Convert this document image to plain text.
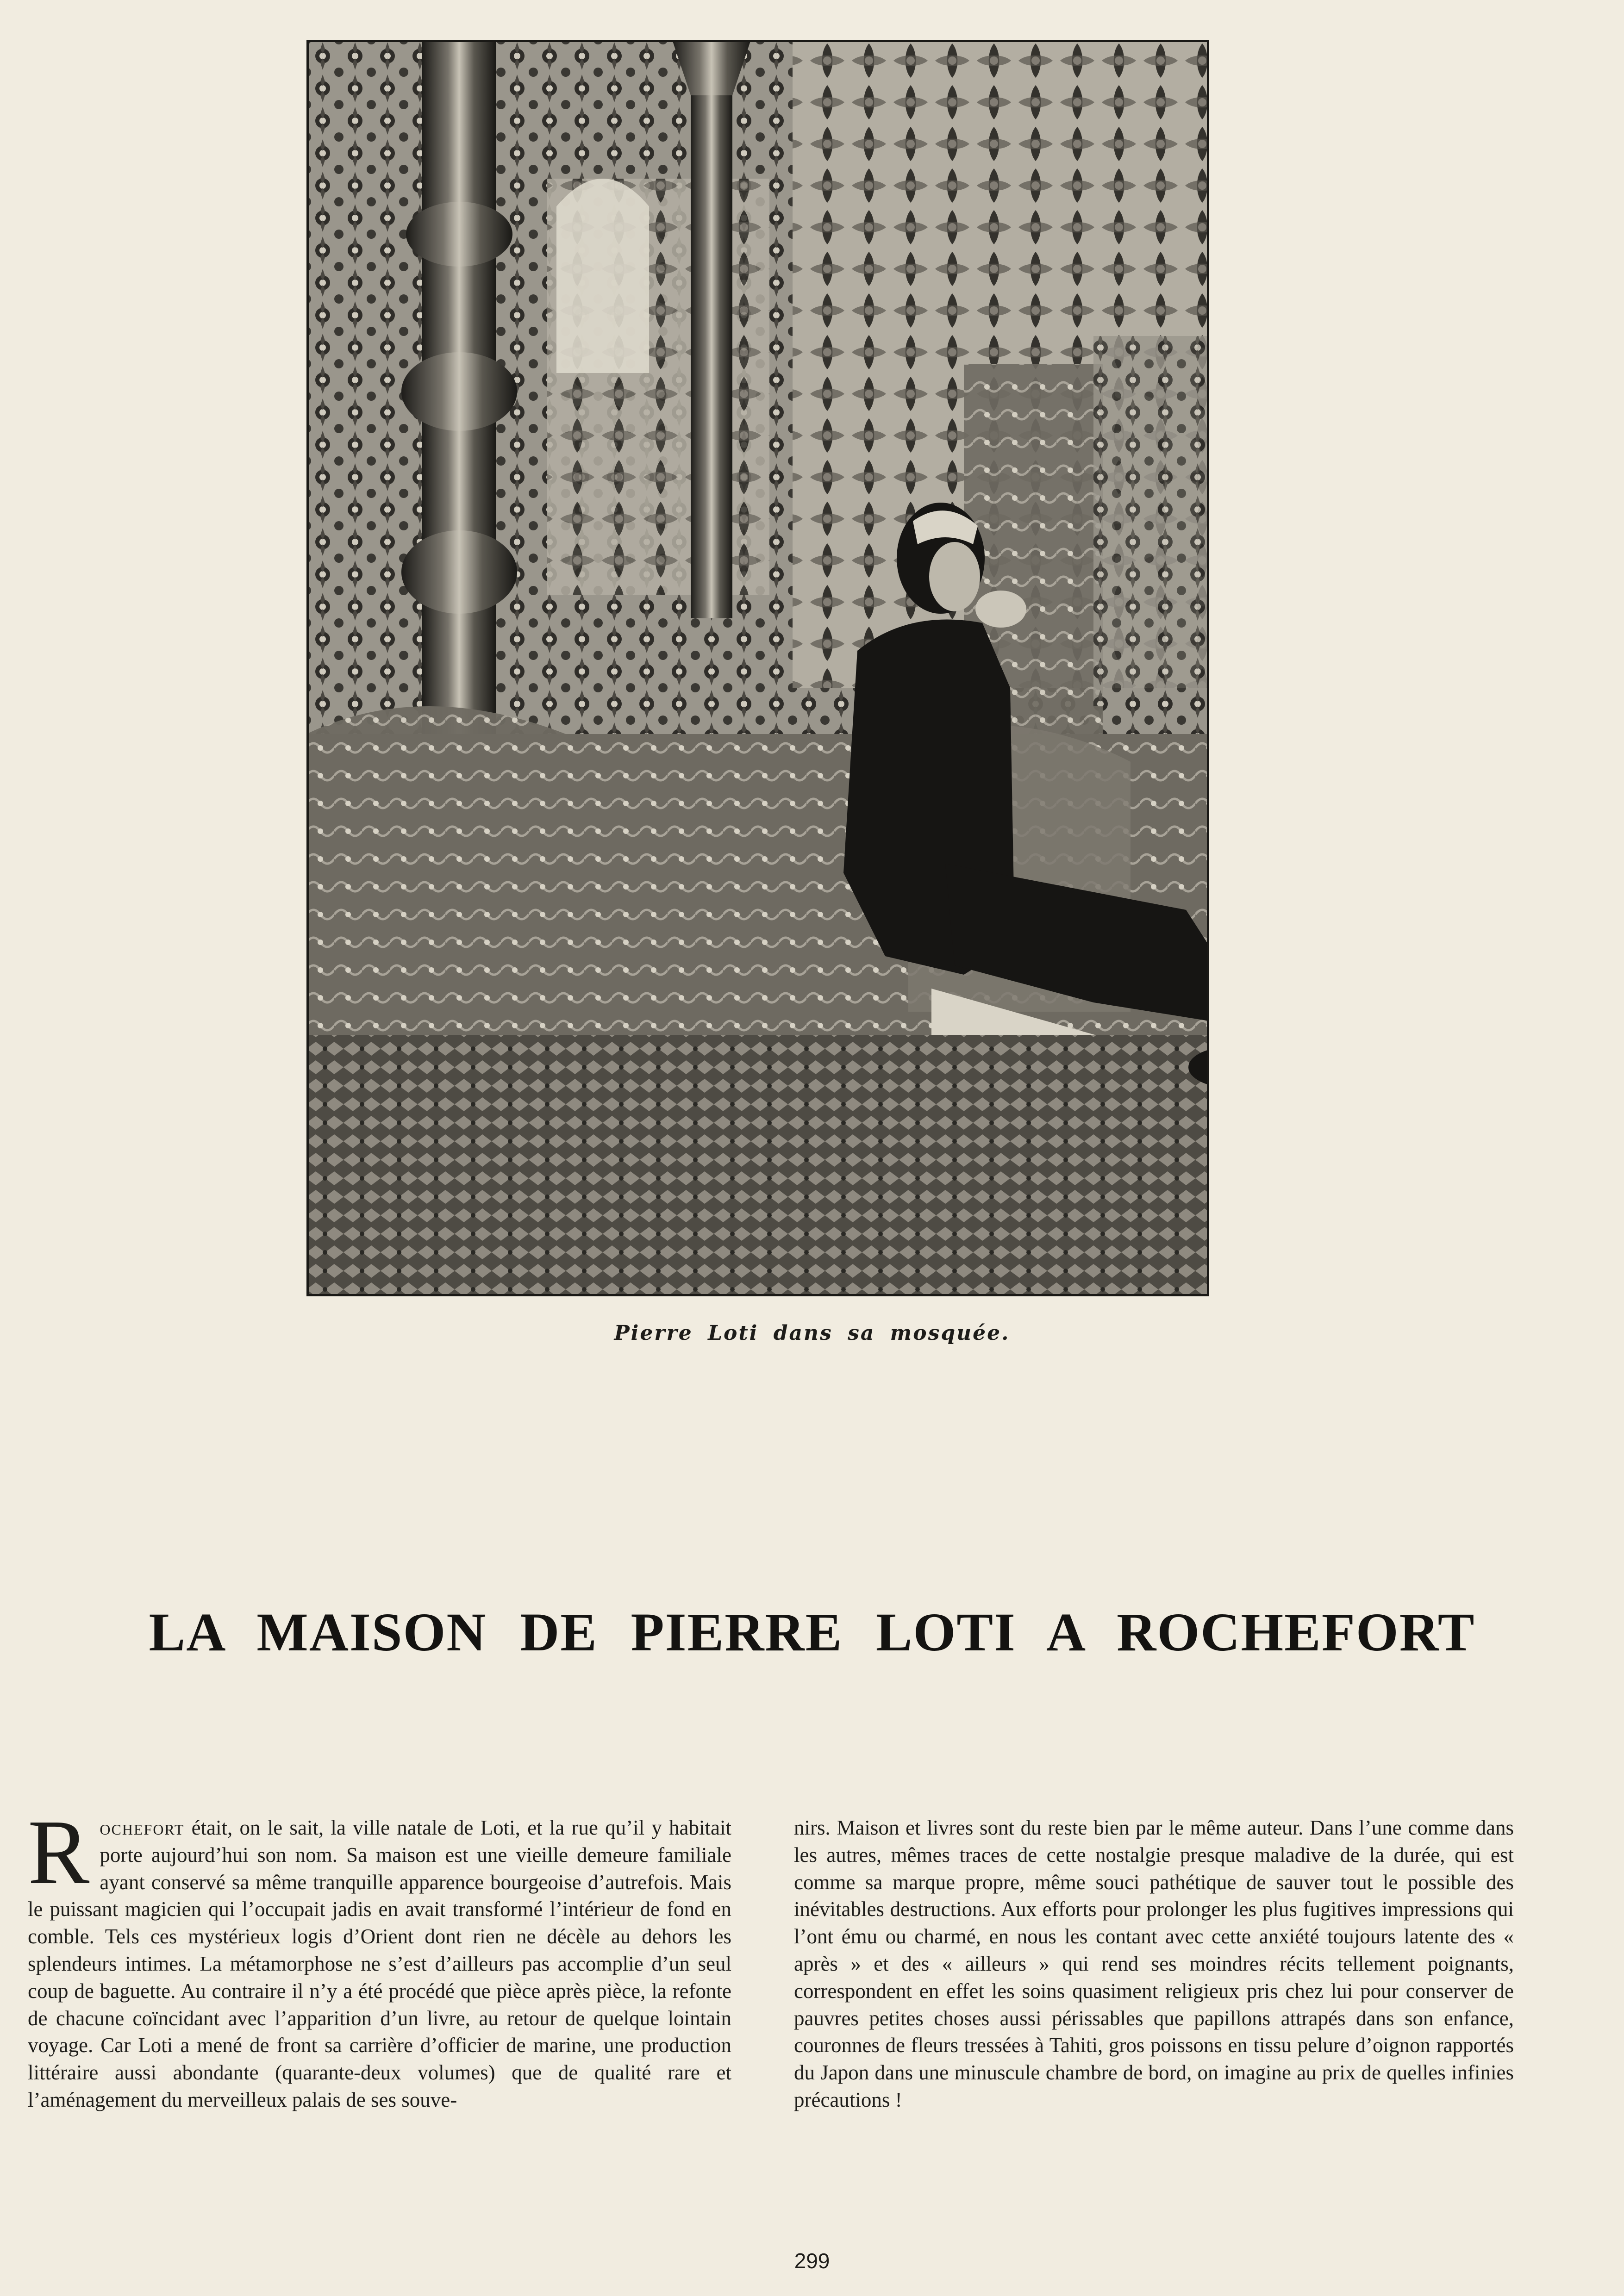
Pierre Loti dans sa mosquée.
LA MAISON DE PIERRE LOTI A ROCHEFORT
Rochefort était, on le sait, la ville natale de Loti, et la rue qu’il y habitait porte aujourd’hui son nom. Sa maison est une vieille demeure familiale ayant conservé sa même tranquille apparence bourgeoise d’autrefois. Mais le puissant magicien qui l’occupait jadis en avait transformé l’intérieur de fond en comble. Tels ces mystérieux logis d’Orient dont rien ne décèle au dehors les splendeurs intimes. La métamorphose ne s’est d’ailleurs pas accomplie d’un seul coup de baguette. Au contraire il n’y a été procédé que pièce après pièce, la refonte de chacune coïncidant avec l’apparition d’un livre, au retour de quelque lointain voyage. Car Loti a mené de front sa carrière d’officier de marine, une production littéraire aussi abondante (quarante-deux volumes) que de qualité rare et l’aménagement du merveilleux palais de ses souve-
nirs. Maison et livres sont du reste bien par le même auteur. Dans l’une comme dans les autres, mêmes traces de cette nostalgie presque maladive de la durée, qui est comme sa marque propre, même souci pathétique de sauver tout le possible des inévitables destructions. Aux efforts pour prolonger les plus fugitives impressions qui l’ont ému ou charmé, en nous les contant avec cette anxiété toujours latente des « après » et des « ailleurs » qui rend ses moindres récits tellement poignants, correspondent en effet les soins quasiment religieux pris chez lui pour conserver de pauvres petites choses aussi périssables que papillons attrapés dans son enfance, couronnes de fleurs tressées à Tahiti, gros poissons en tissu pelure d’oignon rapportés du Japon dans une minuscule chambre de bord, on imagine au prix de quelles infinies précautions !
299
